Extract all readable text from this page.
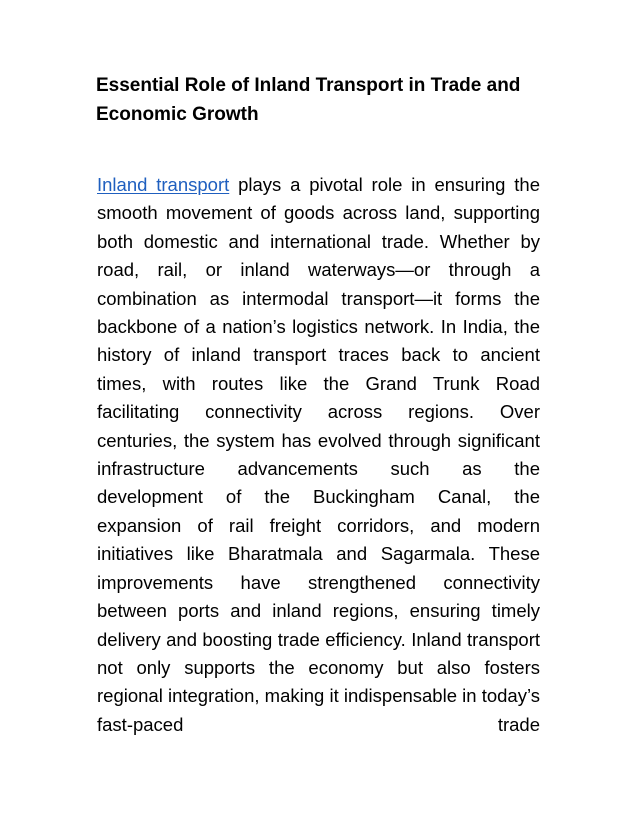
Essential Role of Inland Transport in Trade and Economic Growth

Inland transport plays a pivotal role in ensuring the smooth movement of goods across land, supporting both domestic and international trade. Whether by road, rail, or inland waterways—or through a combination as intermodal transport—it forms the backbone of a nation’s logistics network. In India, the history of inland transport traces back to ancient times, with routes like the Grand Trunk Road facilitating connectivity across regions. Over centuries, the system has evolved through significant infrastructure advancements such as the development of the Buckingham Canal, the expansion of rail freight corridors, and modern initiatives like Bharatmala and Sagarmala. These improvements have strengthened connectivity between ports and inland regions, ensuring timely delivery and boosting trade efficiency. Inland transport not only supports the economy but also fosters regional integration, making it indispensable in today’s fast-paced trade
